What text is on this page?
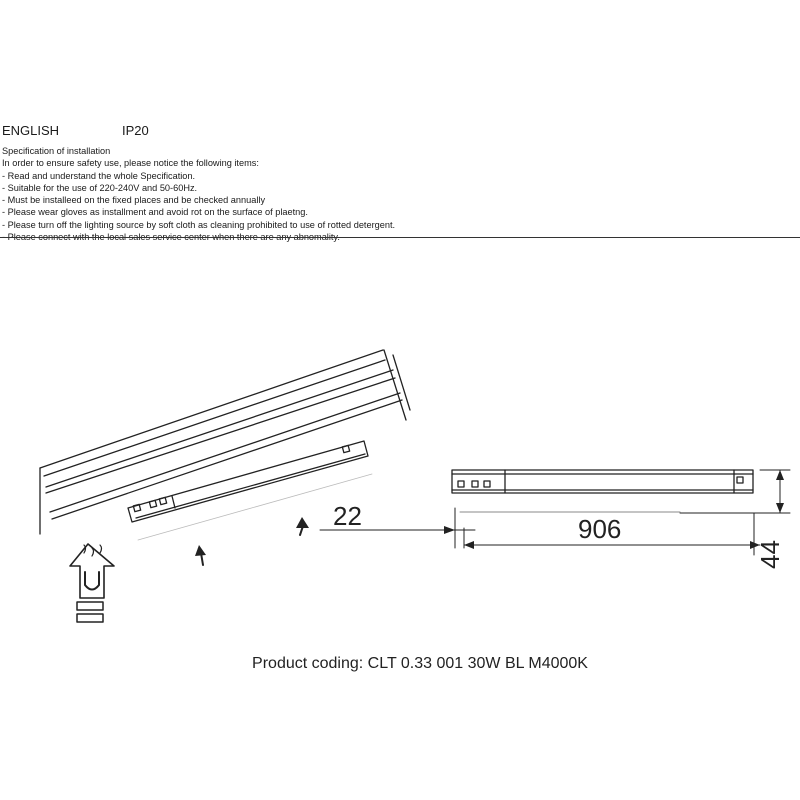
ENGLISH	IP20
Specification of installation
In order to ensure safety use, please notice the following items:
- Read and understand the whole Specification.
- Suitable for the use of 220-240V and 50-60Hz.
- Must be installeed on the fixed places and be checked annually
- Please wear gloves as installment and avoid rot on the surface of plaetng.
- Please turn off the lighting source by soft cloth as cleaning prohibited to use of rotted detergent.
- Please connect with the local sales service center when there are any abnomality.
22	906
44
Product coding: CLT 0.33 001 30W BL M4000K
